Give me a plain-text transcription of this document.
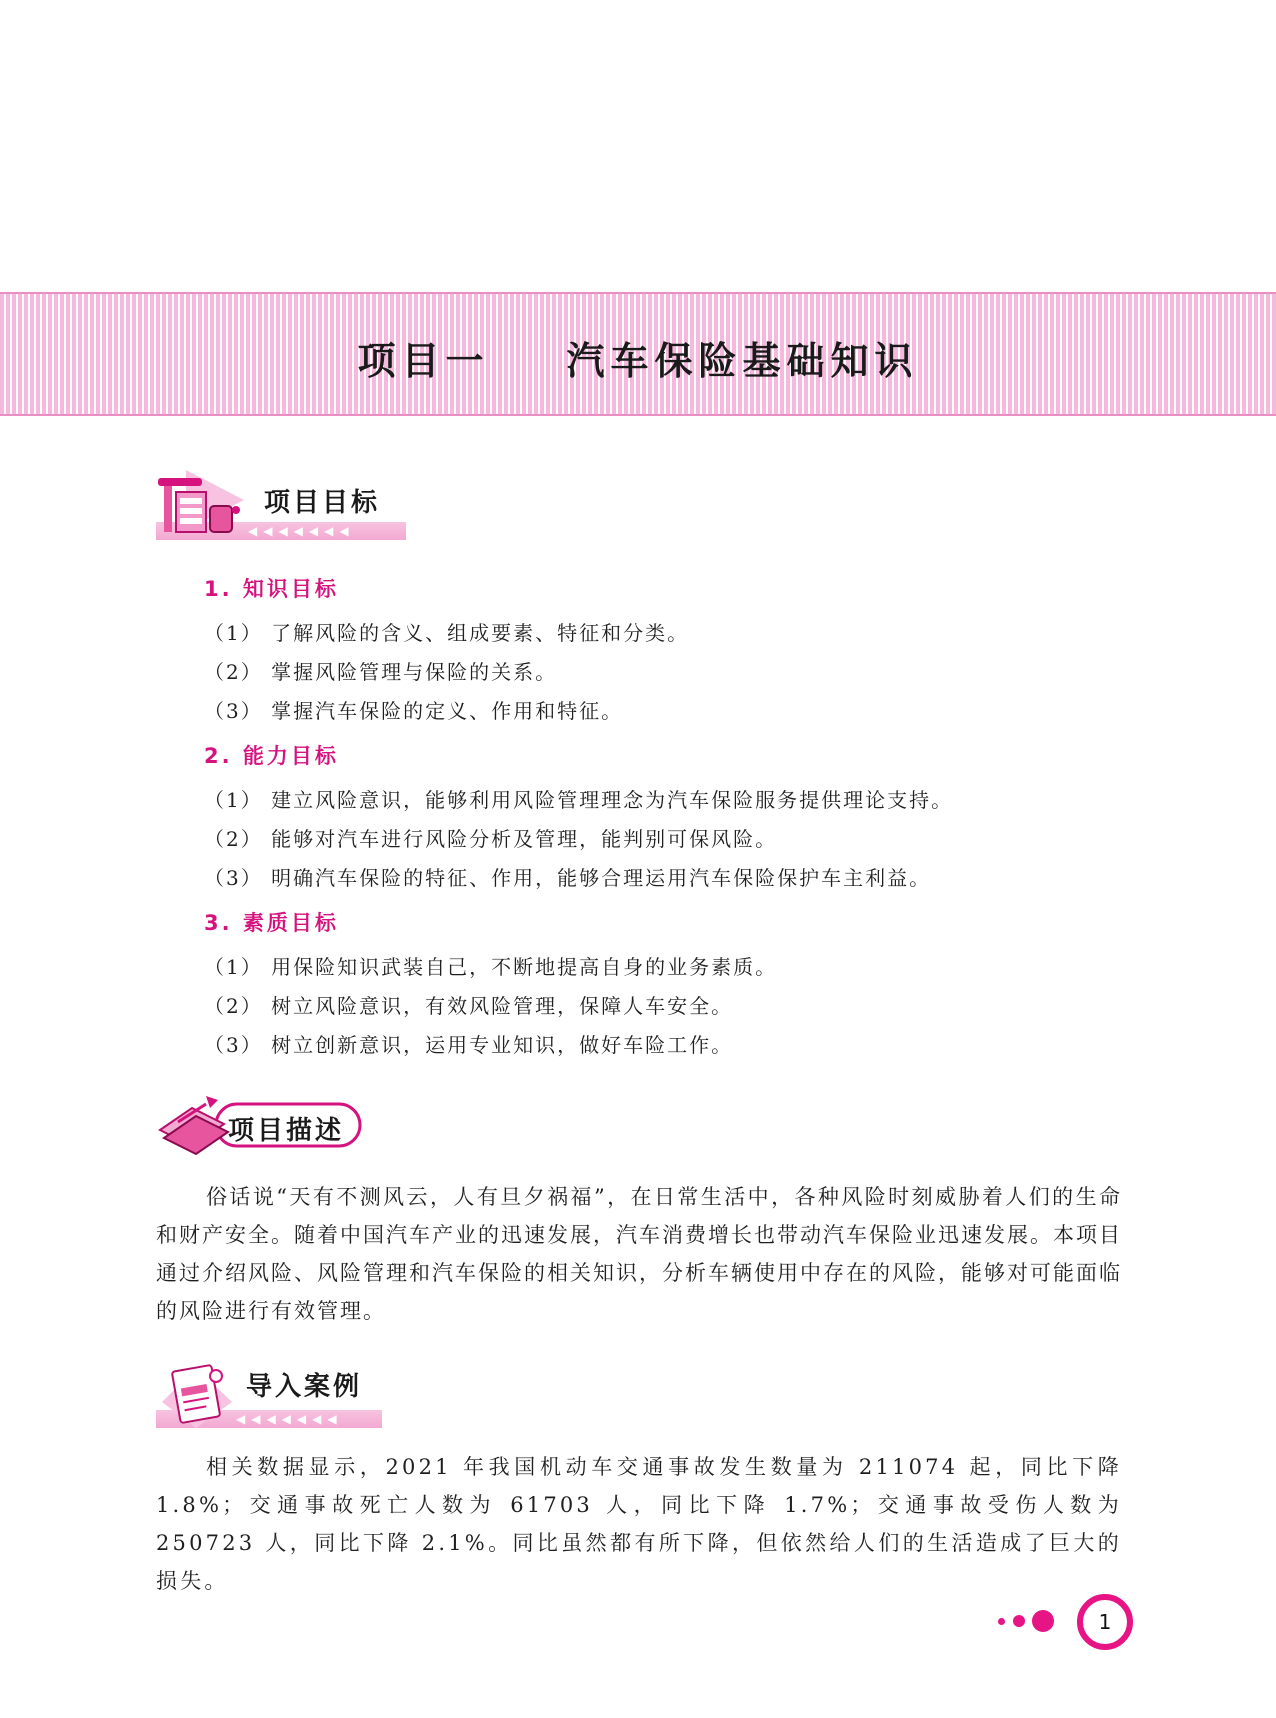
项目一    汽车保险基础知识
◀◀◀◀◀◀◀
项目目标
1. 知识目标
（1） 了解风险的含义、组成要素、特征和分类。
（2） 掌握风险管理与保险的关系。
（3） 掌握汽车保险的定义、作用和特征。
2. 能力目标
（1） 建立风险意识，能够利用风险管理理念为汽车保险服务提供理论支持。
（2） 能够对汽车进行风险分析及管理，能判别可保风险。
（3） 明确汽车保险的特征、作用，能够合理运用汽车保险保护车主利益。
3. 素质目标
（1） 用保险知识武装自己，不断地提高自身的业务素质。
（2） 树立风险意识，有效风险管理，保障人车安全。
（3） 树立创新意识，运用专业知识，做好车险工作。
项目描述

俗话说“天有不测风云，人有旦夕祸福”，在日常生活中，各种风险时刻威胁着人们的生命和财产安全。随着中国汽车产业的迅速发展，汽车消费增长也带动汽车保险业迅速发展。本项目通过介绍风险、风险管理和汽车保险的相关知识，分析车辆使用中存在的风险，能够对可能面临的风险进行有效管理。

◀◀◀◀◀◀◀
导入案例

相关数据显示，2021 年我国机动车交通事故发生数量为 211074 起，同比下降 1.8%；交通事故死亡人数为 61703 人，同比下降 1.7%；交通事故受伤人数为 250723 人，同比下降 2.1%。同比虽然都有所下降，但依然给人们的生活造成了巨大的损失。

1
